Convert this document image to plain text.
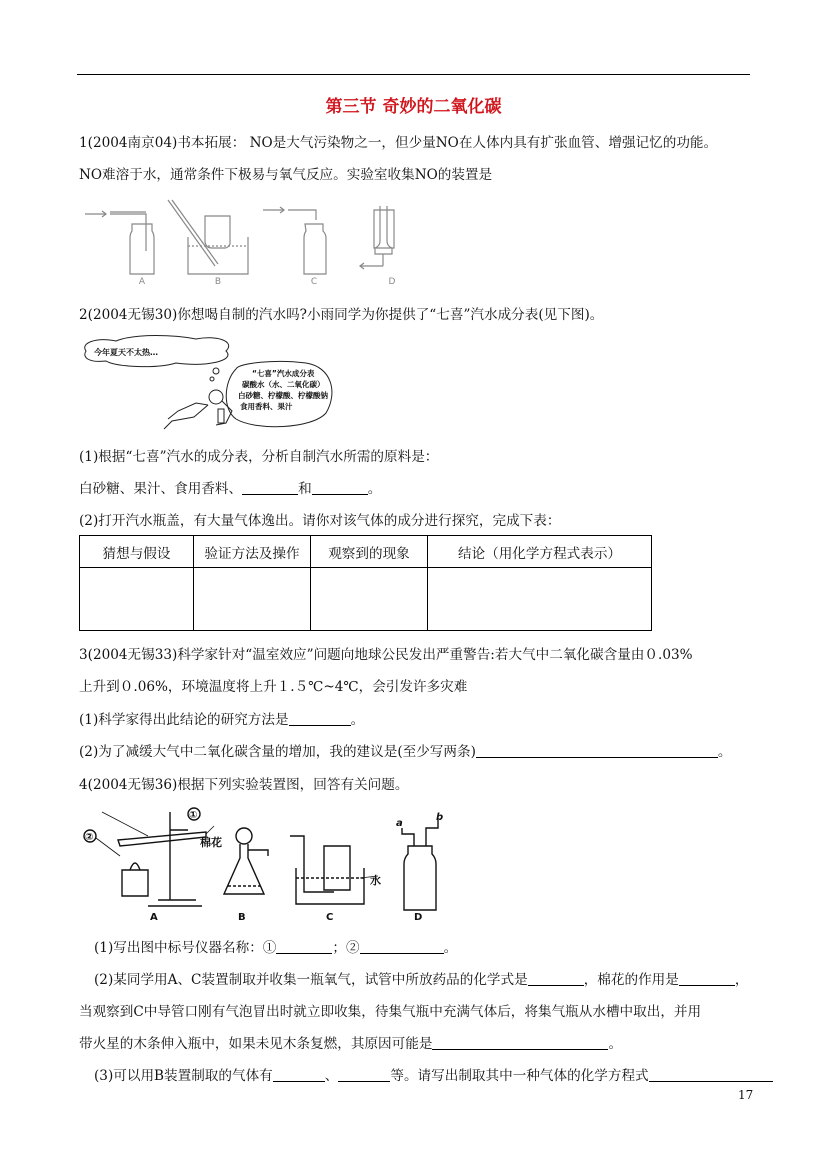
第三节 奇妙的二氧化碳
1(2004南京04)书本拓展： NO是大气污染物之一，但少量NO在人体内具有扩张血管、增强记忆的功能。
NO难溶于水，通常条件下极易与氧气反应。实验室收集NO的装置是
A	B	C	D
2(2004无锡30)你想喝自制的汽水吗?小雨同学为你提供了“七喜”汽水成分表(见下图)。
今年夏天不太热…
“七喜”汽水成分表
碳酸水（水、二氧化碳）
白砂糖、柠檬酸、柠檬酸钠
食用香料、果汁
(1)根据“七喜”汽水的成分表，分析自制汽水所需的原料是：
白砂糖、果汁、食用香料、	和	。
(2)打开汽水瓶盖，有大量气体逸出。请你对该气体的成分进行探究，完成下表：
猜想与假设	验证方法及操作	观察到的现象	结论（用化学方程式表示）

3(2004无锡33)科学家针对“温室效应”问题向地球公民发出严重警告:若大气中二氧化碳含量由０.03%
上升到０.06%，环境温度将上升１.５℃~4℃，会引发许多灾难
(1)科学家得出此结论的研究方法是	。
(2)为了减缓大气中二氧化碳含量的增加，我的建议是(至少写两条)	。
4(2004无锡36)根据下列实验装置图，回答有关问题。
①
②	棉花
水
a
b
A	B	C	D
(1)写出图中标号仪器名称：①	；②	。
(2)某同学用A、C装置制取并收集一瓶氧气，试管中所放药品的化学式是	，棉花的作用是	，
当观察到C中导管口刚有气泡冒出时就立即收集，待集气瓶中充满气体后，将集气瓶从水槽中取出，并用
带火星的木条伸入瓶中，如果未见木条复燃，其原因可能是	。
(3)可以用B装置制取的气体有	、	等。请写出制取其中一种气体的化学方程式
17
